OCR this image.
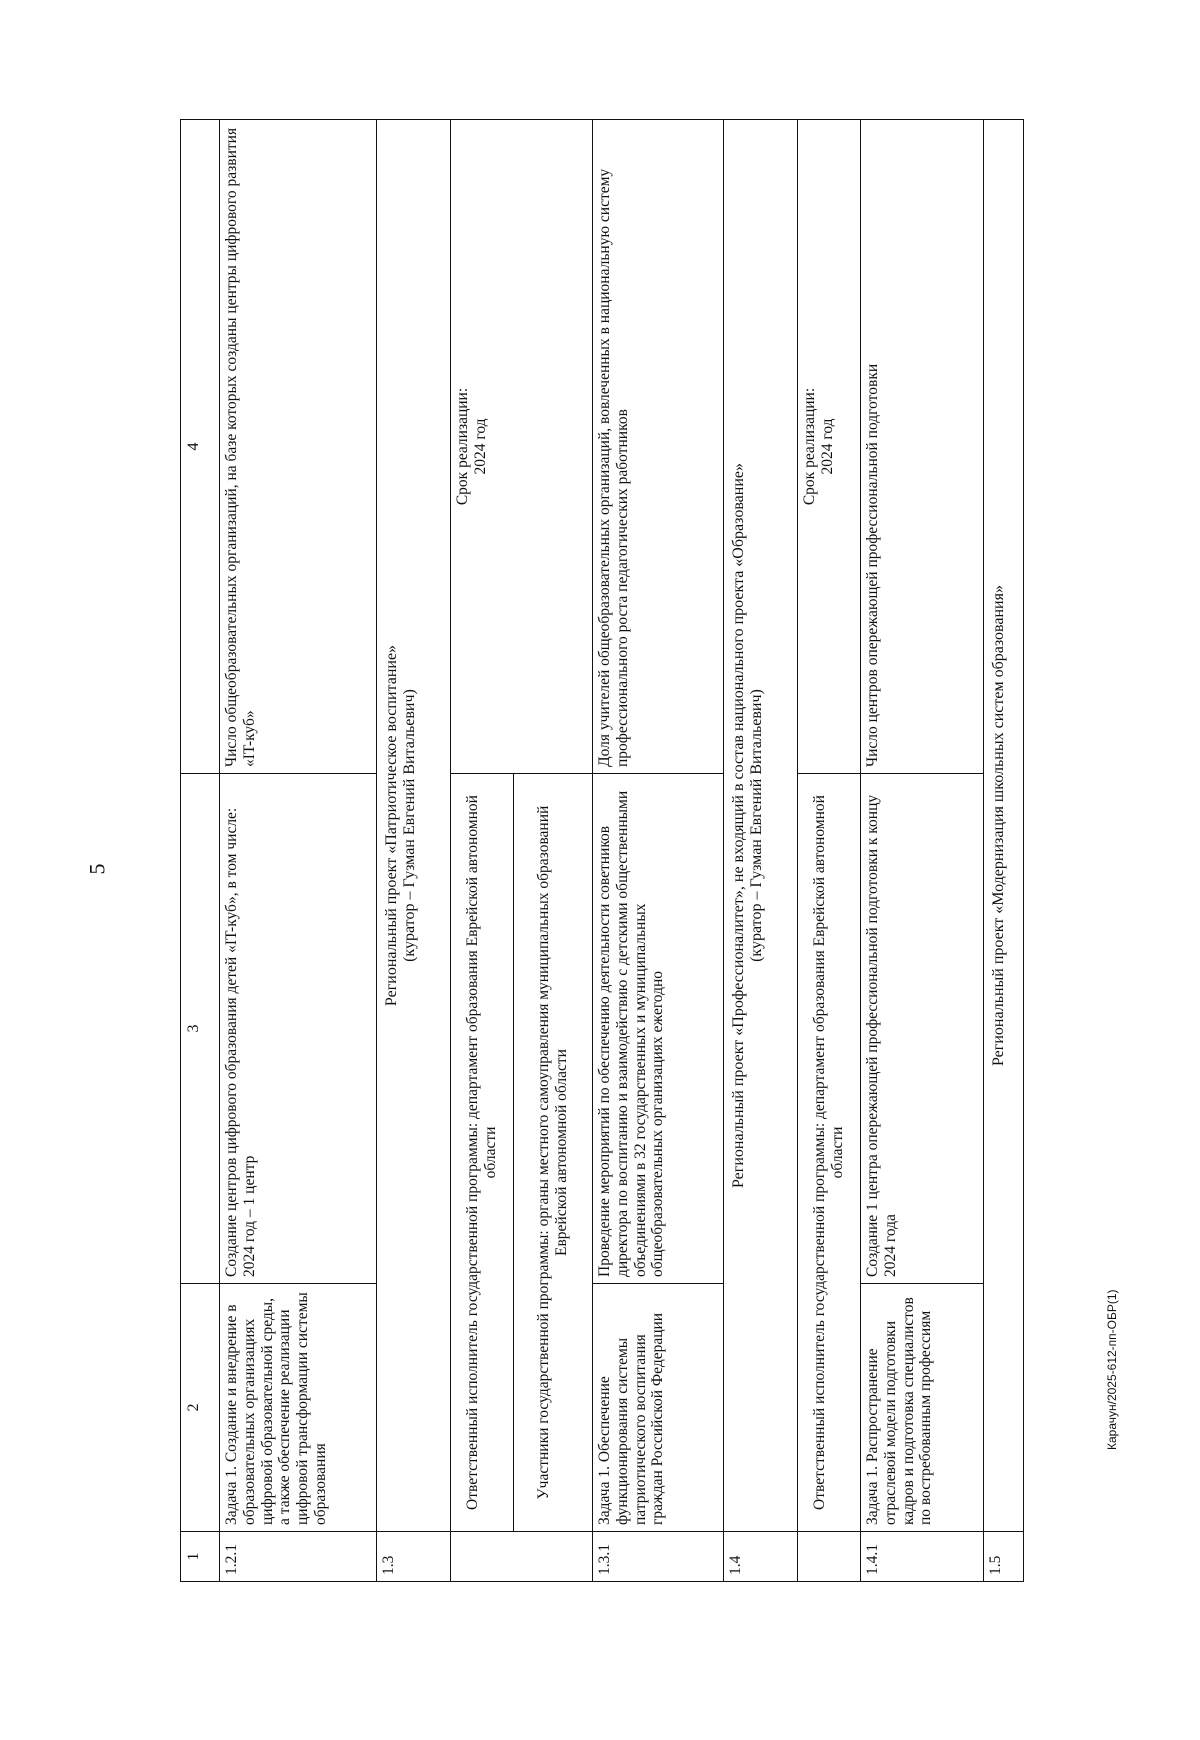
5
Карачун/2025-612-пп-ОБР(1)
1	2	3	4
1.2.1	Задача 1. Создание и внедрение в образовательных организациях цифровой образовательной среды, а также обеспечение реализации цифровой трансформации системы образования	Создание центров цифрового образования детей «IT-куб», в том числе: 2024 год – 1 центр	Число общеобразовательных организаций, на базе которых созданы центры цифрового развития «IT-куб»
1.3	Региональный проект «Патриотическое воспитание» (куратор – Гузман Евгений Витальевич)		

	Ответственный исполнитель государственной программы: департамент образования Еврейской автономной области		Срок реализации: 2024 год

	Участники государственной программы: органы местного самоуправления муниципальных образований Еврейской автономной области		
1.3.1	Задача 1. Обеспечение функционирования системы патриотического воспитания граждан Российской Федерации	Проведение мероприятий по обеспечению деятельности советников директора по воспитанию и взаимодействию с детскими общественными объединениями в 32 государственных и муниципальных общеобразовательных организациях ежегодно	Доля учителей общеобразовательных организаций, вовлеченных в национальную систему профессионального роста педагогических работников
1.4	Региональный проект «Профессионалитет», не входящий в состав национального проекта «Образование» (куратор – Гузман Евгений Витальевич)		

	Ответственный исполнитель государственной программы: департамент образования Еврейской автономной области		Срок реализации: 2024 год

1.4.1	Задача 1. Распространение отраслевой модели подготовки кадров и подготовка специалистов по востребованным профессиям	Создание 1 центра опережающей профессиональной подготовки к концу 2024 года	Число центров опережающей профессиональной подготовки
1.5	Региональный проект «Модернизация школьных систем образования»		
